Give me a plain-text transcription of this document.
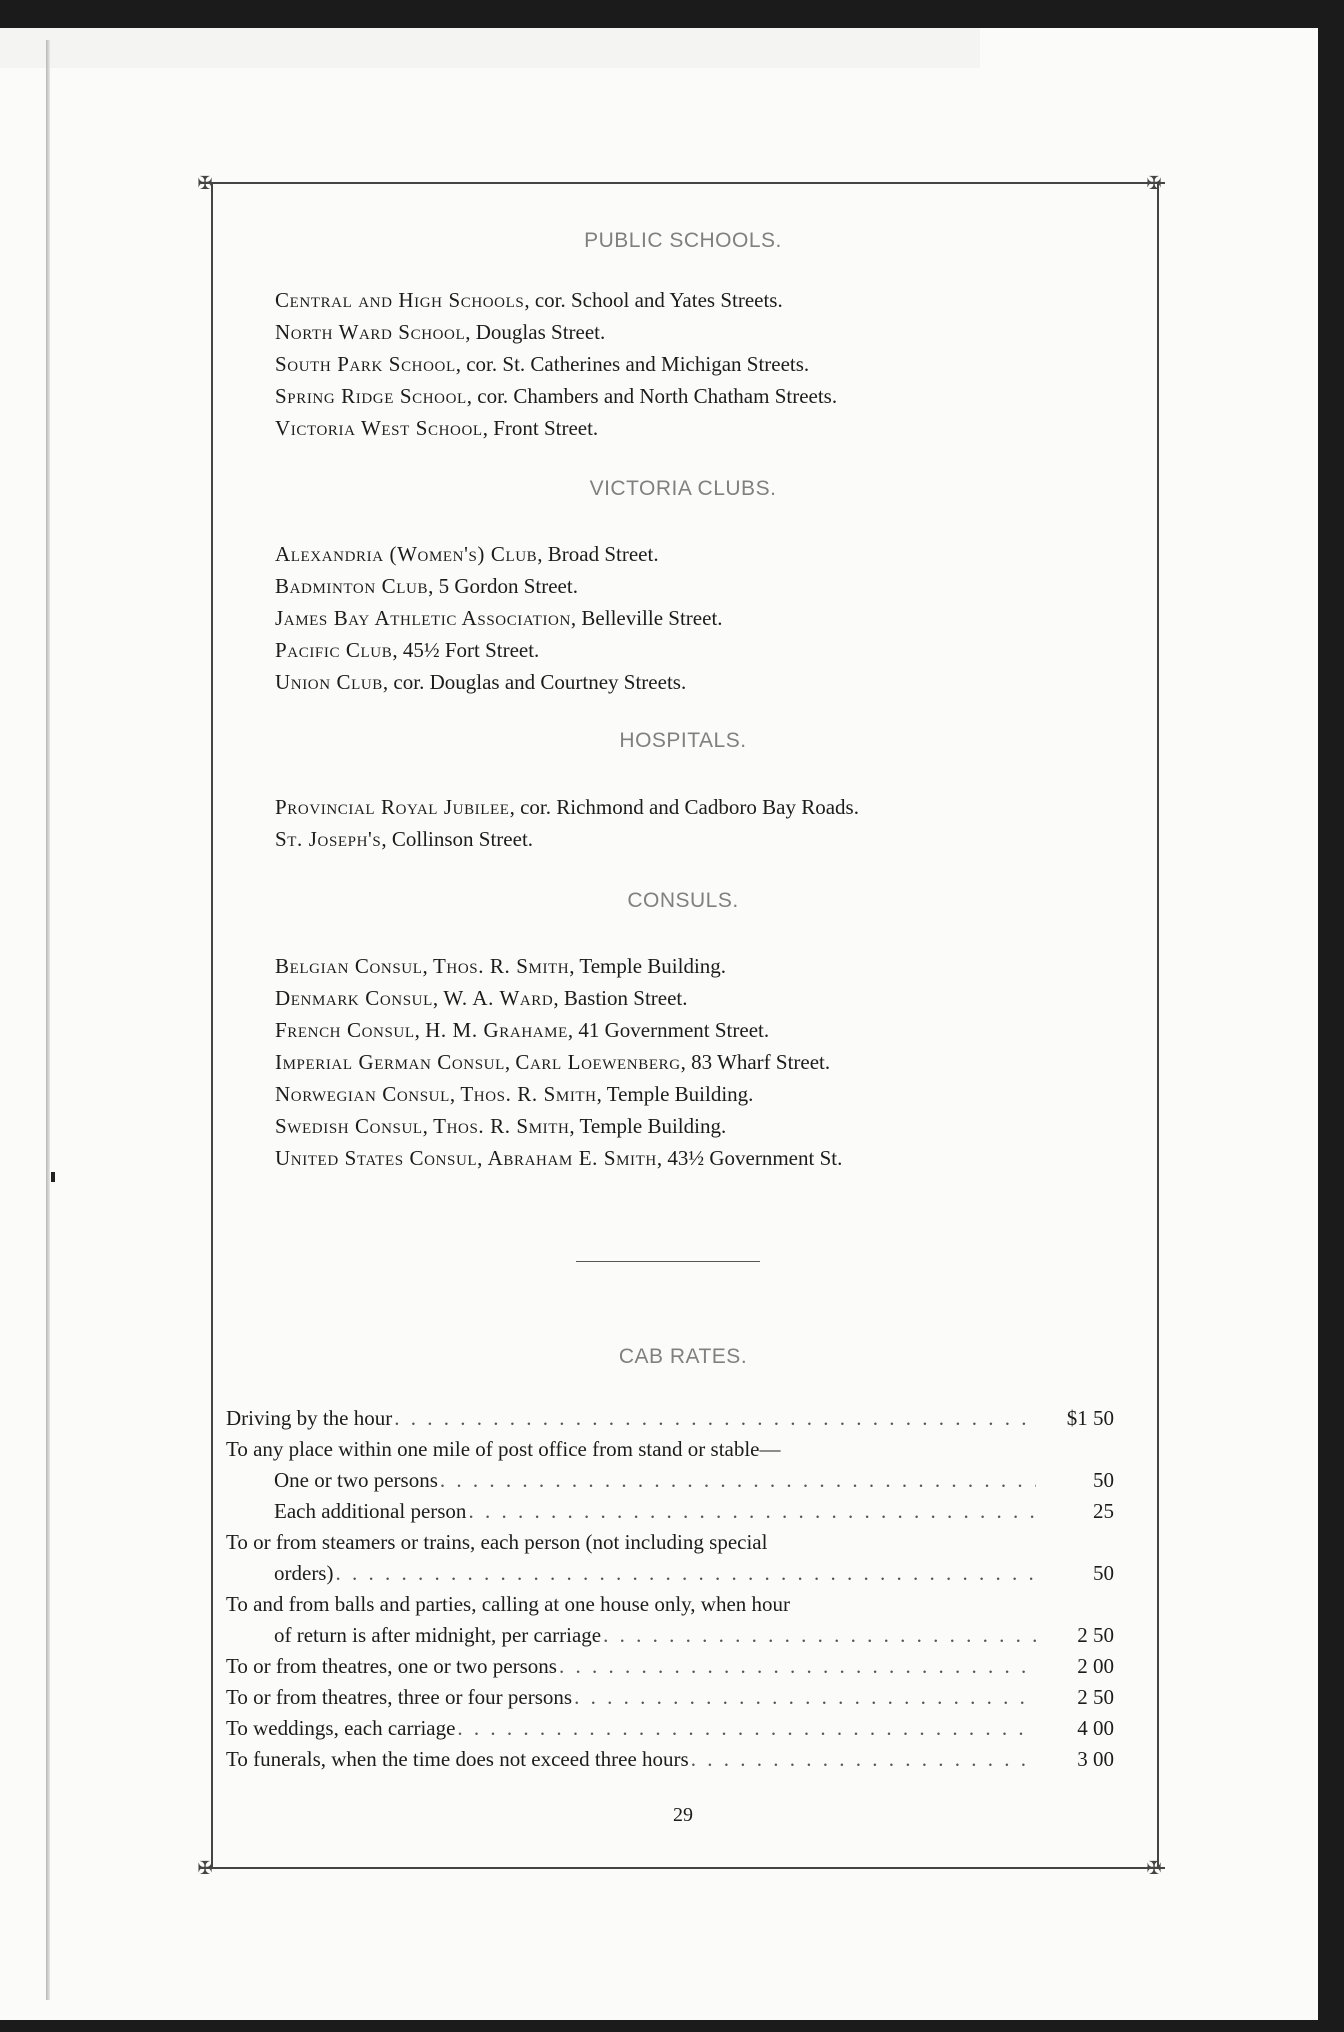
✠	✠
✠	✠
PUBLIC SCHOOLS.
Central and High Schools, cor. School and Yates Streets.
North Ward School, Douglas Street.
South Park School, cor. St. Catherines and Michigan Streets.
Spring Ridge School, cor. Chambers and North Chatham Streets.
Victoria West School, Front Street.
VICTORIA CLUBS.
Alexandria (Women's) Club, Broad Street.
Badminton Club, 5 Gordon Street.
James Bay Athletic Association, Belleville Street.
Pacific Club, 45½ Fort Street.
Union Club, cor. Douglas and Courtney Streets.
HOSPITALS.
Provincial Royal Jubilee, cor. Richmond and Cadboro Bay Roads.
St. Joseph's, Collinson Street.
CONSULS.
Belgian Consul, Thos. R. Smith, Temple Building.
Denmark Consul, W. A. Ward, Bastion Street.
French Consul, H. M. Grahame, 41 Government Street.
Imperial German Consul, Carl Loewenberg, 83 Wharf Street.
Norwegian Consul, Thos. R. Smith, Temple Building.
Swedish Consul, Thos. R. Smith, Temple Building.
United States Consul, Abraham E. Smith, 43½ Government St.
CAB RATES.
Driving by the hour . . .	$1 50
To any place within one mile of post office from stand or stable—
One or two persons . . .	50
Each additional person . . .	25
To or from steamers or trains, each person (not including special
orders) . . .	50
To and from balls and parties, calling at one house only, when hour
of return is after midnight, per carriage . . .	2 50
To or from theatres, one or two persons . . .	2 00
To or from theatres, three or four persons . . .	2 50
To weddings, each carriage . . .	4 00
To funerals, when the time does not exceed three hours . . .	3 00
29
